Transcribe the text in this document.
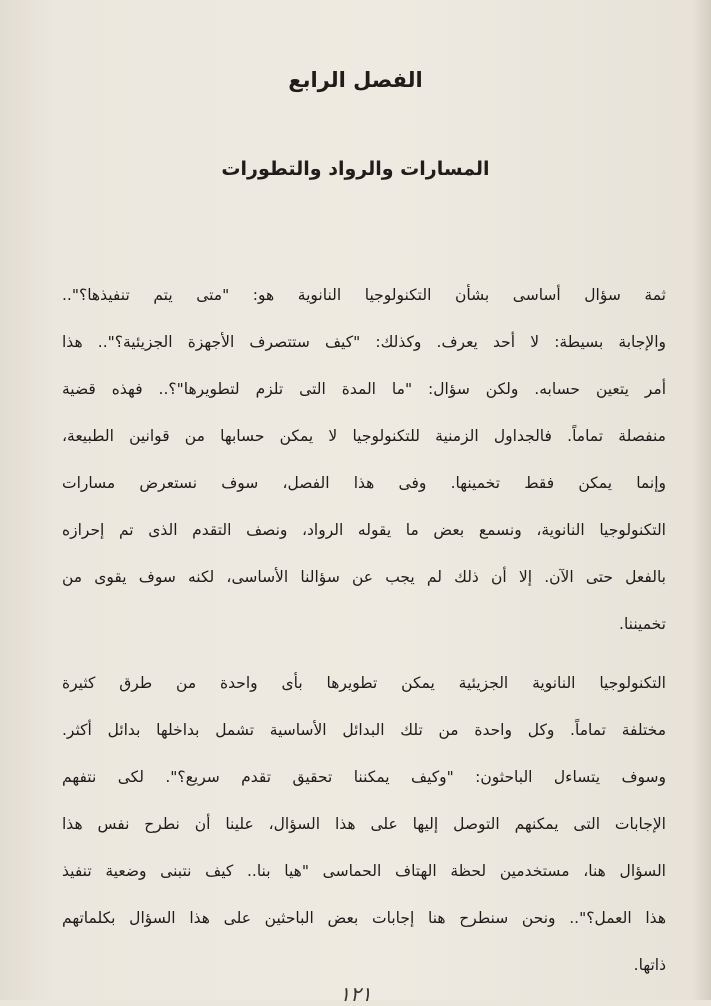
الفصل الرابع
المسارات والرواد والتطورات
ثمة سؤال أساسى بشأن التكنولوجيا النانوية هو: "متى يتم تنفيذها؟"..
والإجابة بسيطة: لا أحد يعرف. وكذلك: "كيف ستتصرف الأجهزة الجزيئية؟".. هذا
أمر يتعين حسابه. ولكن سؤال: "ما المدة التى تلزم لتطويرها"؟.. فهذه قضية
منفصلة تماماً. فالجداول الزمنية للتكنولوجيا لا يمكن حسابها من قوانين الطبيعة،
وإنما يمكن فقط تخمينها. وفى هذا الفصل، سوف نستعرض مسارات
التكنولوجيا النانوية، ونسمع بعض ما يقوله الرواد، ونصف التقدم الذى تم إحرازه
بالفعل حتى الآن. إلا أن ذلك لم يجب عن سؤالنا الأساسى، لكنه سوف يقوى من
تخميننا.
التكنولوجيا النانوية الجزيئية يمكن تطويرها بأى واحدة من طرق كثيرة
مختلفة تماماً. وكل واحدة من تلك البدائل الأساسية تشمل بداخلها بدائل أكثر.
وسوف يتساءل الباحثون: "وكيف يمكننا تحقيق تقدم سريع؟". لكى نتفهم
الإجابات التى يمكنهم التوصل إليها على هذا السؤال، علينا أن نطرح نفس هذا
السؤال هنا، مستخدمين لحظة الهتاف الحماسى "هيا بنا.. كيف نتبنى وضعية تنفيذ
هذا العمل؟".. ونحن سنطرح هنا إجابات بعض الباحثين على هذا السؤال بكلماتهم
ذاتها.
١٢١
